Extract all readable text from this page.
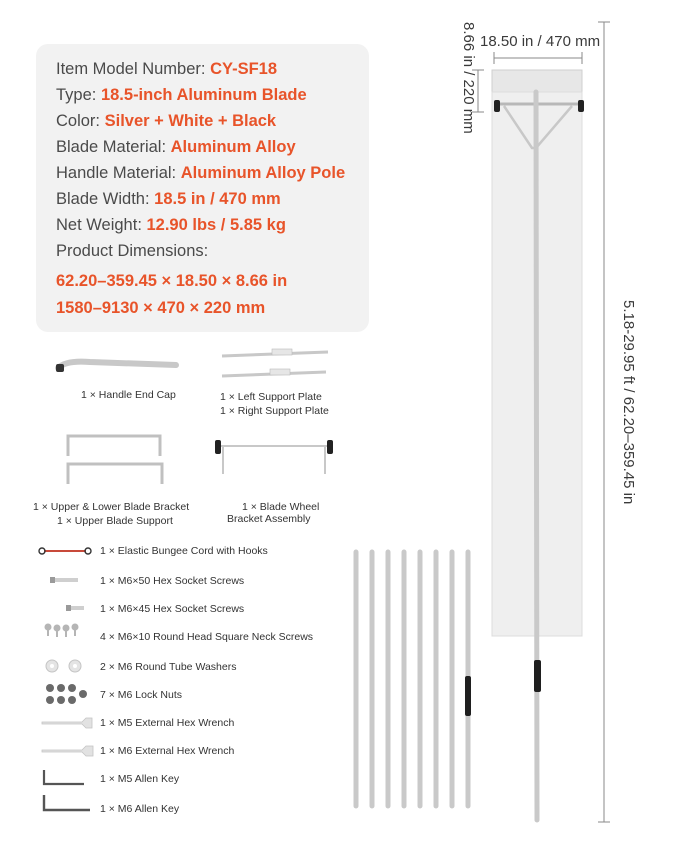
Item Model Number: CY-SF18
Type: 18.5-inch Aluminum Blade
Color: Silver + White + Black
Blade Material: Aluminum Alloy
Handle Material: Aluminum Alloy Pole
Blade Width: 18.5 in / 470 mm
Net Weight: 12.90 lbs / 5.85 kg
Product Dimensions:
62.20–359.45 × 18.50 × 8.66 in
1580–9130 × 470 × 220 mm
1 × Handle End Cap	1 × Left Support Plate
1 × Right Support Plate
1 × Upper & Lower Blade Bracket
1 × Upper Blade Support
1 × Blade Wheel
Bracket Assembly
1 × Elastic Bungee Cord with Hooks
1 × M6×50 Hex Socket Screws
1 × M6×45 Hex Socket Screws
4 × M6×10 Round Head Square Neck Screws
2 × M6 Round Tube Washers
7 × M6 Lock Nuts
1 × M5 External Hex Wrench
1 × M6 External Hex Wrench
1 × M5 Allen Key
1 × M6 Allen Key
18.50 in / 470 mm
8.66 in / 220 mm
5.18-29.95 ft / 62.20–359.45 in
